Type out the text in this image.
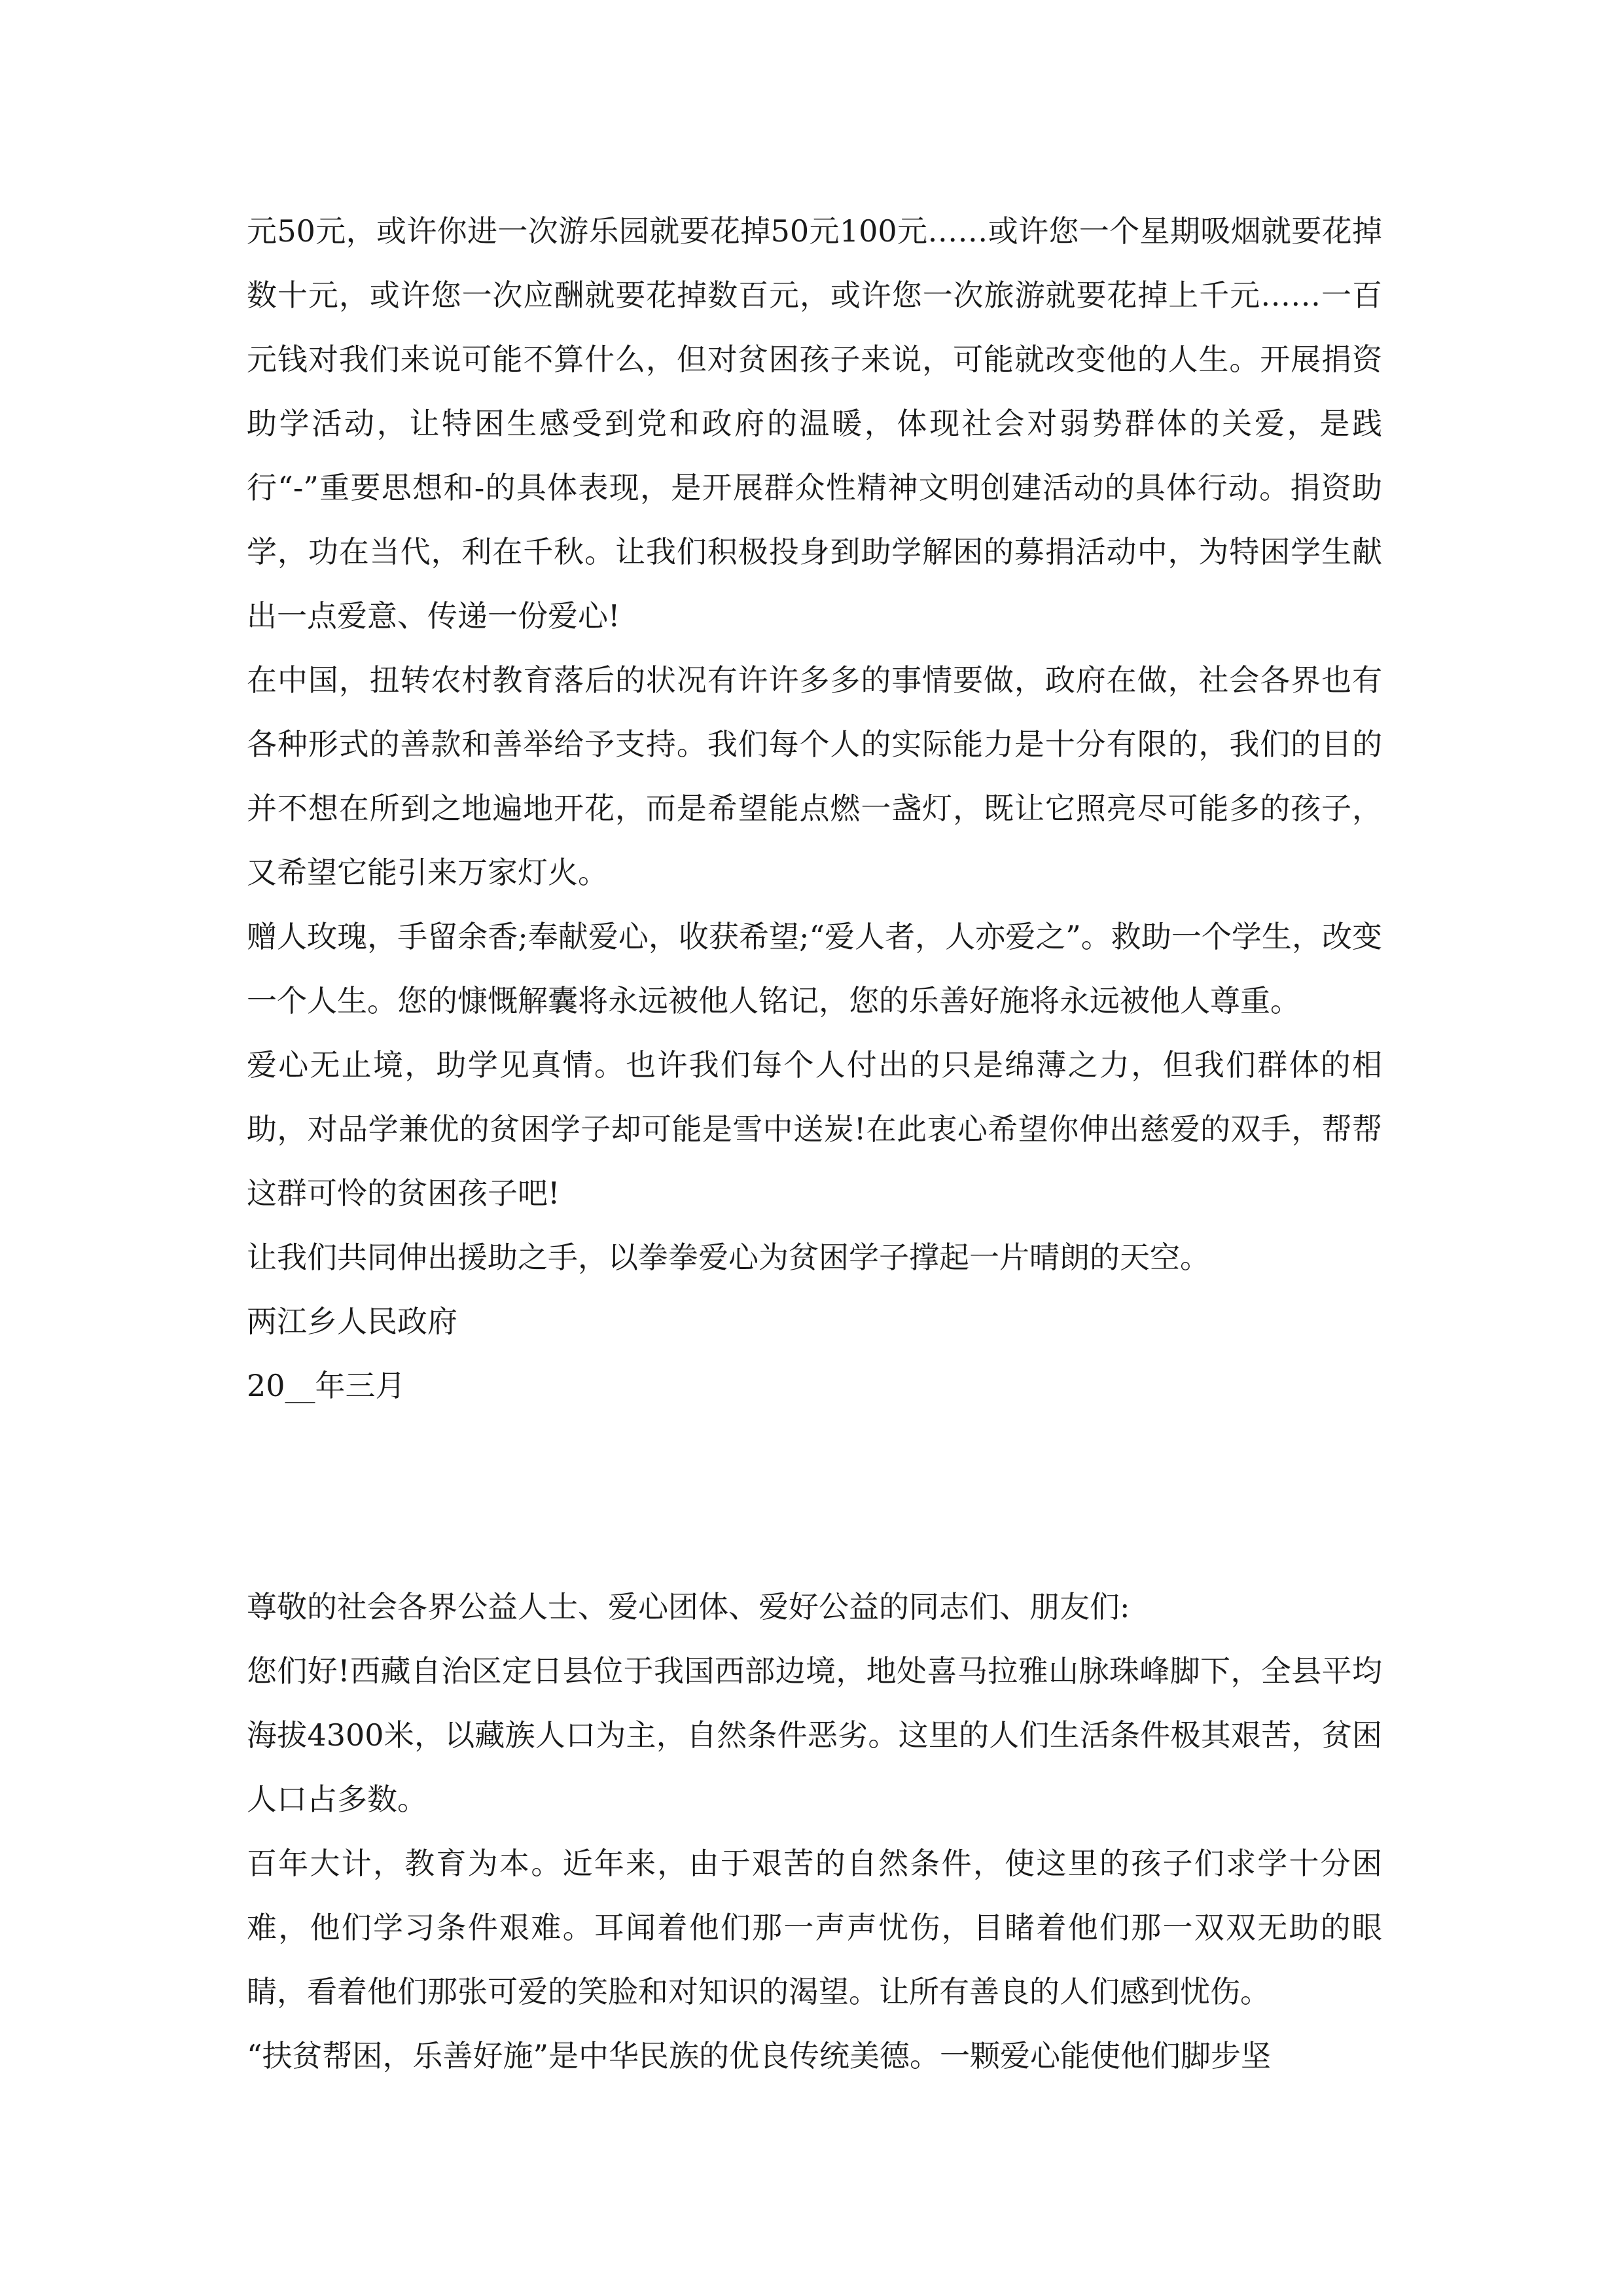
元50元，或许你进一次游乐园就要花掉50元100元……或许您一个星期吸烟就要花掉数十元，或许您一次应酬就要花掉数百元，或许您一次旅游就要花掉上千元……一百元钱对我们来说可能不算什么，但对贫困孩子来说，可能就改变他的人生。开展捐资助学活动，让特困生感受到党和政府的温暖，体现社会对弱势群体的关爱，是践行“-”重要思想和-的具体表现，是开展群众性精神文明创建活动的具体行动。捐资助学，功在当代，利在千秋。让我们积极投身到助学解困的募捐活动中，为特困学生献出一点爱意、传递一份爱心!

在中国，扭转农村教育落后的状况有许许多多的事情要做，政府在做，社会各界也有各种形式的善款和善举给予支持。我们每个人的实际能力是十分有限的，我们的目的并不想在所到之地遍地开花，而是希望能点燃一盏灯，既让它照亮尽可能多的孩子，又希望它能引来万家灯火。

赠人玫瑰，手留余香;奉献爱心，收获希望;“爱人者，人亦爱之”。救助一个学生，改变一个人生。您的慷慨解囊将永远被他人铭记，您的乐善好施将永远被他人尊重。

爱心无止境，助学见真情。也许我们每个人付出的只是绵薄之力，但我们群体的相助，对品学兼优的贫困学子却可能是雪中送炭!在此衷心希望你伸出慈爱的双手，帮帮这群可怜的贫困孩子吧!

让我们共同伸出援助之手，以拳拳爱心为贫困学子撑起一片晴朗的天空。

两江乡人民政府

20__年三月

尊敬的社会各界公益人士、爱心团体、爱好公益的同志们、朋友们:

您们好!西藏自治区定日县位于我国西部边境，地处喜马拉雅山脉珠峰脚下，全县平均海拔4300米，以藏族人口为主，自然条件恶劣。这里的人们生活条件极其艰苦，贫困人口占多数。

百年大计，教育为本。近年来，由于艰苦的自然条件，使这里的孩子们求学十分困难，他们学习条件艰难。耳闻着他们那一声声忧伤，目睹着他们那一双双无助的眼睛，看着他们那张可爱的笑脸和对知识的渴望。让所有善良的人们感到忧伤。

“扶贫帮困，乐善好施”是中华民族的优良传统美德。一颗爱心能使他们脚步坚
